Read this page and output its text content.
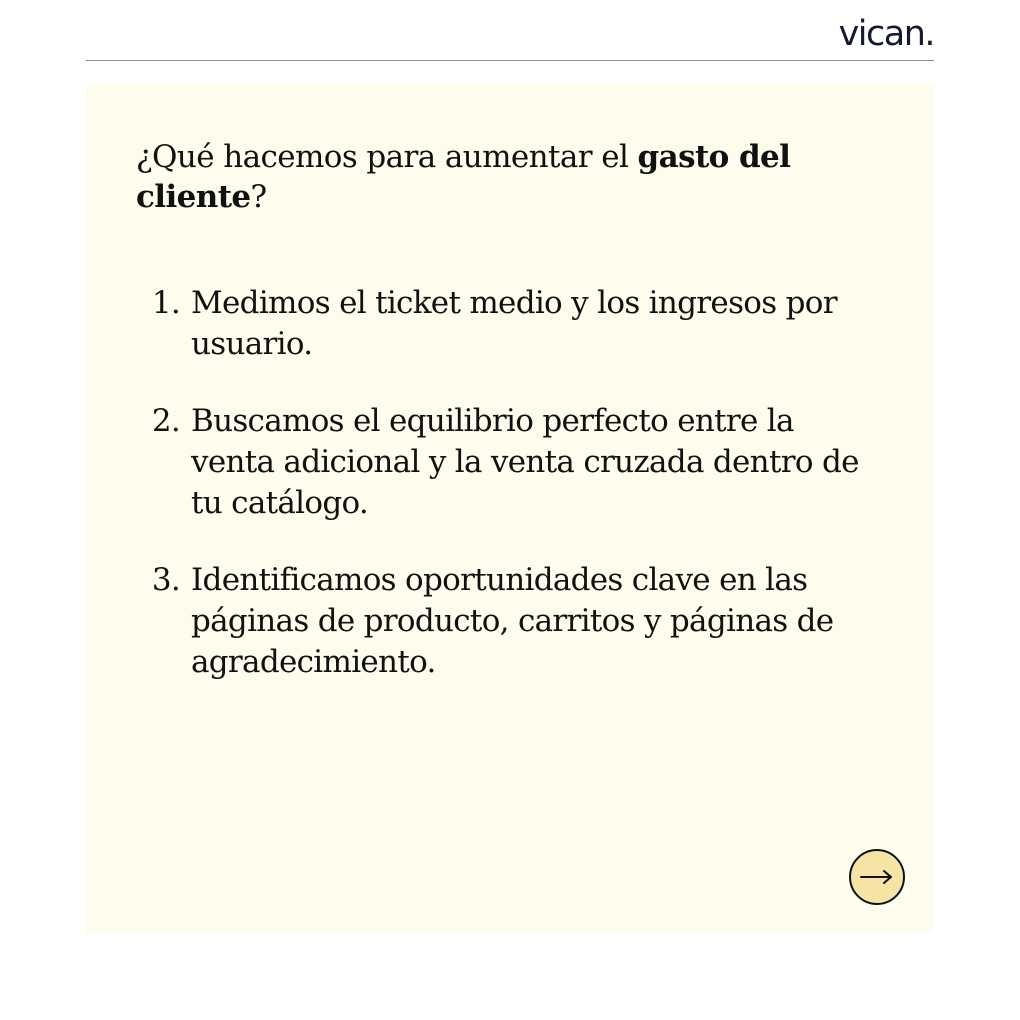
vican.
¿Qué hacemos para aumentar el gasto del cliente?
1. Medimos el ticket medio y los ingresos por usuario.
2. Buscamos el equilibrio perfecto entre la venta adicional y la venta cruzada dentro de tu catálogo.
3. Identificamos oportunidades clave en las páginas de producto, carritos y páginas de agradecimiento.
